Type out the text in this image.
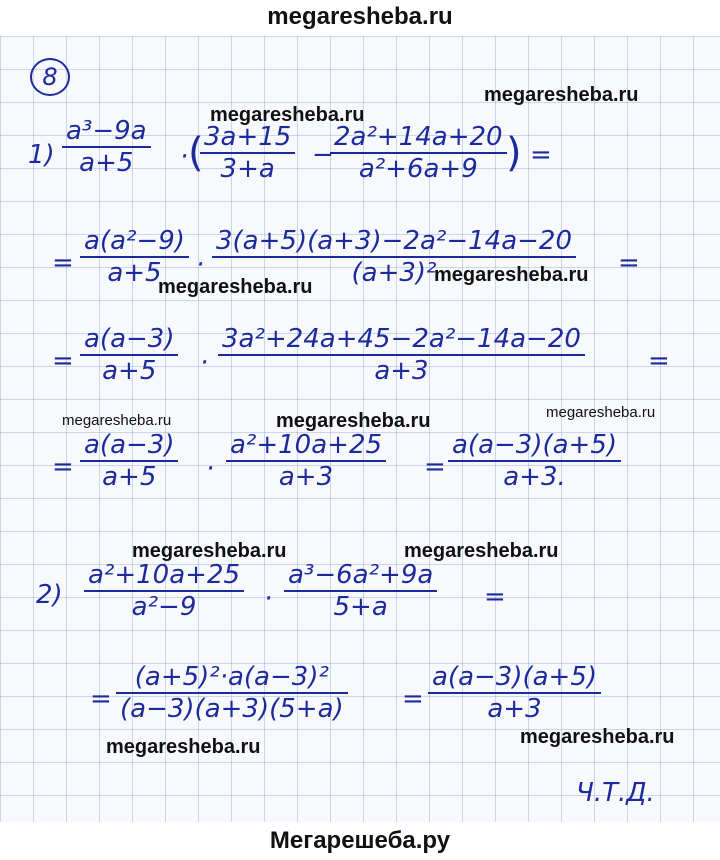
megaresheba.ru
8
$1) \frac{\text{a³−9a}}{a+5}$ · (
$\frac{3a+15}{3+a}$ −
$\frac{\text{2a²+14a+20}}{\text{a²+6a+9}}$ ) =
= $\frac{\text{a(a²−9)}}{a+5} \cdot \frac{\text{3(a+5)(a+3)−2a²−14a−20}}{\text{(a+3)²}}$ =
= $\frac{a(a-3)}{a+5} \cdot \frac{\text{3a²+24a+45−2a²−14a−20}}{a+3}$ =
= $\frac{a(a-3)}{a+5} \cdot \frac{\text{a²+10a+25}}{a+3} = \frac{a(a-3)(a+5)}{a+3.}$
$2) \frac{\text{a²+10a+25}}{\text{a²−9}} \cdot \frac{\text{a³−6a²+9a}}{5+a}$ =
= $\frac{\text{(a+5)²·a(a−3)²}}{(a-3)(a+3)(5+a)} = \frac{a(a-3)(a+5)}{a+3}$
Ч.Т.Д.
megaresheba.ru
megaresheba.ru
megaresheba.ru
megaresheba.ru
megaresheba.ru	megaresheba.ru	megaresheba.ru
megaresheba.ru	megaresheba.ru
megaresheba.ru	megaresheba.ru
Мегарешеба.ру
